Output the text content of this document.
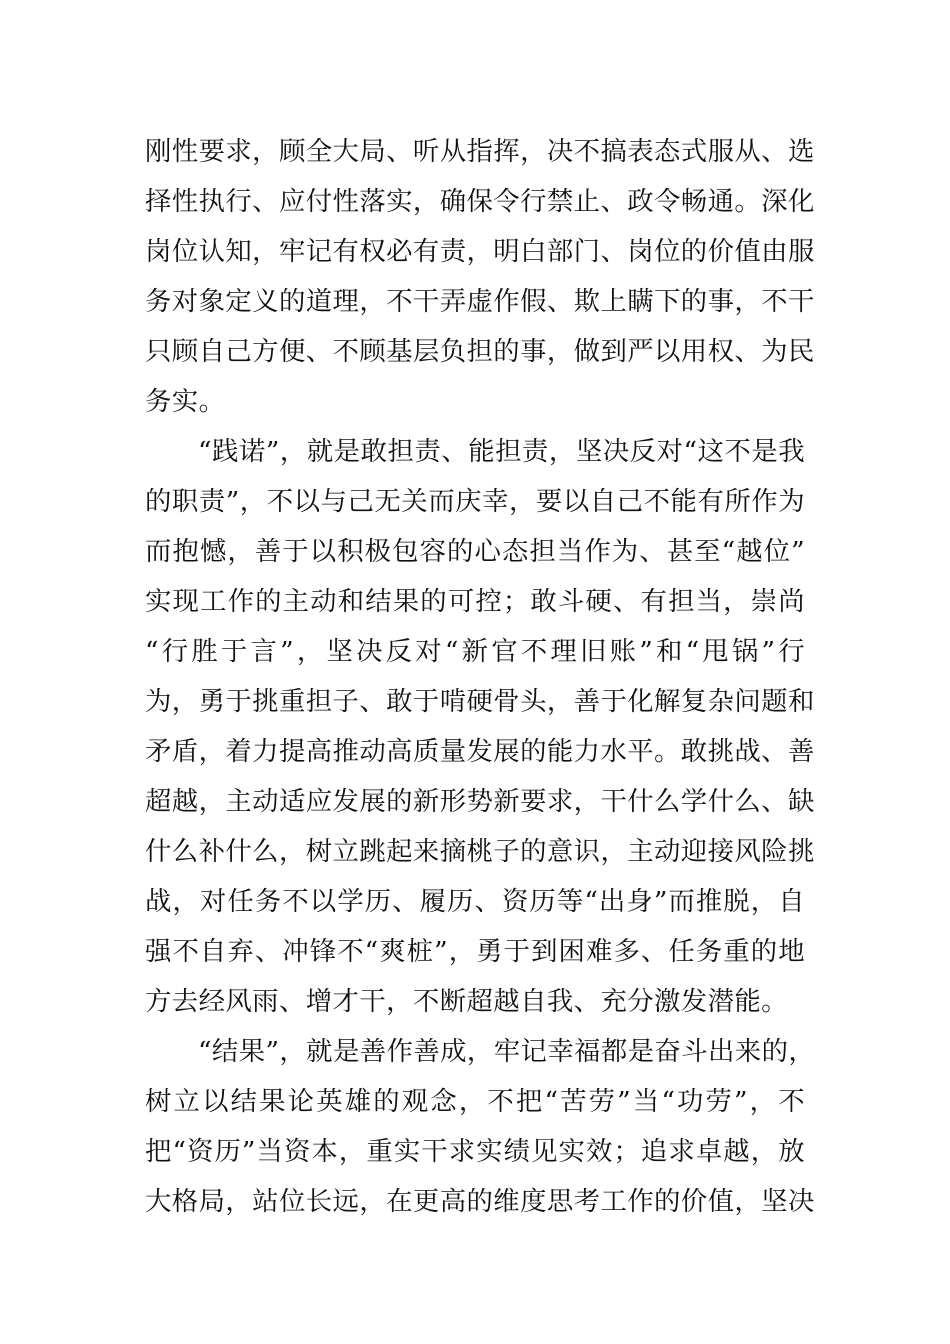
刚性要求，顾全大局、听从指挥，决不搞表态式服从、选
择性执行、应付性落实，确保令行禁止、政令畅通。深化
岗位认知，牢记有权必有责，明白部门、岗位的价值由服
务对象定义的道理，不干弄虚作假、欺上瞒下的事，不干
只顾自己方便、不顾基层负担的事，做到严以用权、为民
务实。
“践诺”，就是敢担责、能担责，坚决反对“这不是我
的职责”，不以与己无关而庆幸，要以自己不能有所作为
而抱憾，善于以积极包容的心态担当作为、甚至“越位”
实现工作的主动和结果的可控；敢斗硬、有担当，崇尚
“行胜于言”，坚决反对“新官不理旧账”和“甩锅”行
为，勇于挑重担子、敢于啃硬骨头，善于化解复杂问题和
矛盾，着力提高推动高质量发展的能力水平。敢挑战、善
超越，主动适应发展的新形势新要求，干什么学什么、缺
什么补什么，树立跳起来摘桃子的意识，主动迎接风险挑
战，对任务不以学历、履历、资历等“出身”而推脱，自
强不自弃、冲锋不“爽桩”，勇于到困难多、任务重的地
方去经风雨、增才干，不断超越自我、充分激发潜能。
“结果”，就是善作善成，牢记幸福都是奋斗出来的，
树立以结果论英雄的观念，不把“苦劳”当“功劳”，不
把“资历”当资本，重实干求实绩见实效；追求卓越，放
大格局，站位长远，在更高的维度思考工作的价值，坚决
